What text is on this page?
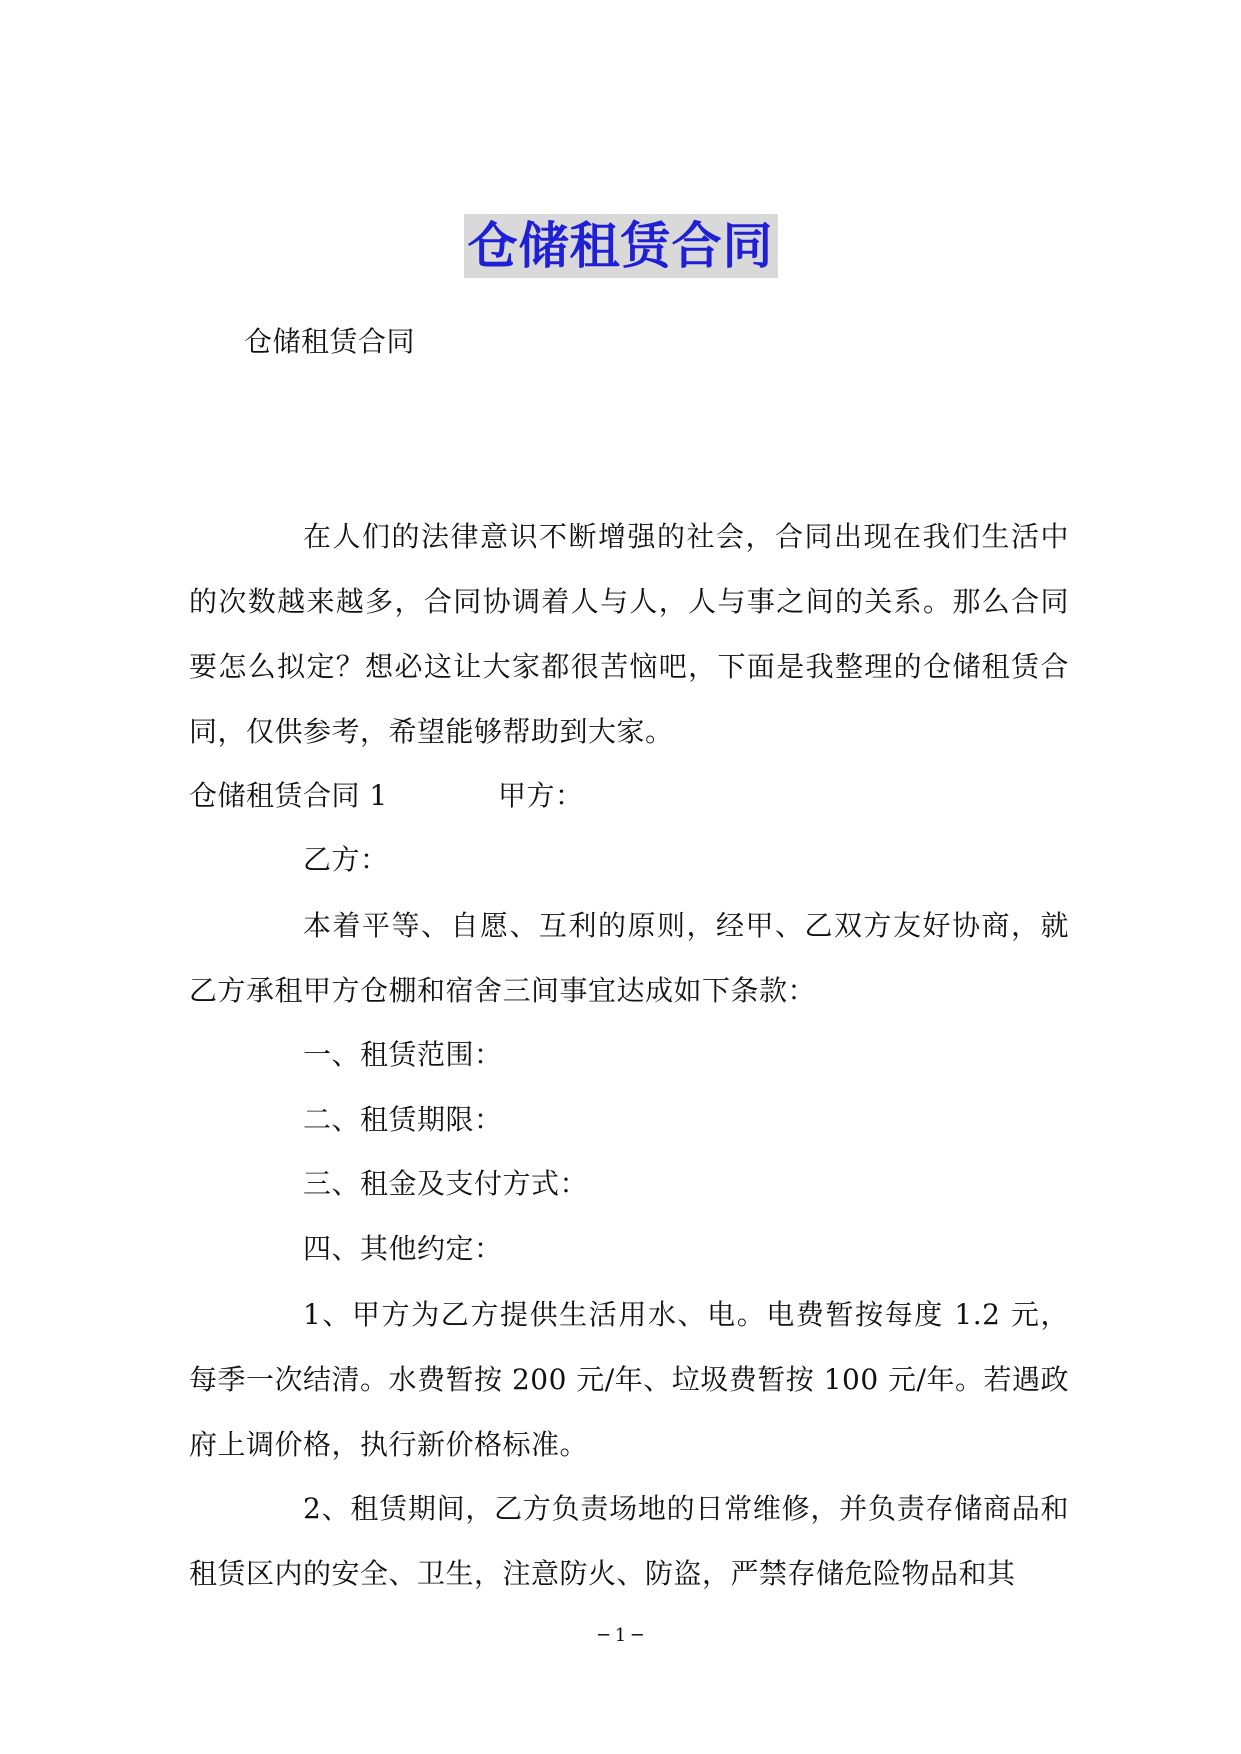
仓储租赁合同
仓储租赁合同
在人们的法律意识不断增强的社会，合同出现在我们生活中的次数越来越多，合同协调着人与人，人与事之间的关系。那么合同要怎么拟定？想必这让大家都很苦恼吧，下面是我整理的仓储租赁合同，仅供参考，希望能够帮助到大家。
仓储租赁合同 1	甲方：
乙方：
本着平等、自愿、互利的原则，经甲、乙双方友好协商，就乙方承租甲方仓棚和宿舍三间事宜达成如下条款：
一、租赁范围：
二、租赁期限：
三、租金及支付方式：
四、其他约定：
1、甲方为乙方提供生活用水、电。电费暂按每度 1.2 元，每季一次结清。水费暂按 200 元/年、垃圾费暂按 100 元/年。若遇政府上调价格，执行新价格标准。
2、租赁期间，乙方负责场地的日常维修，并负责存储商品和租赁区内的安全、卫生，注意防火、防盗，严禁存储危险物品和其
─ 1 ─
